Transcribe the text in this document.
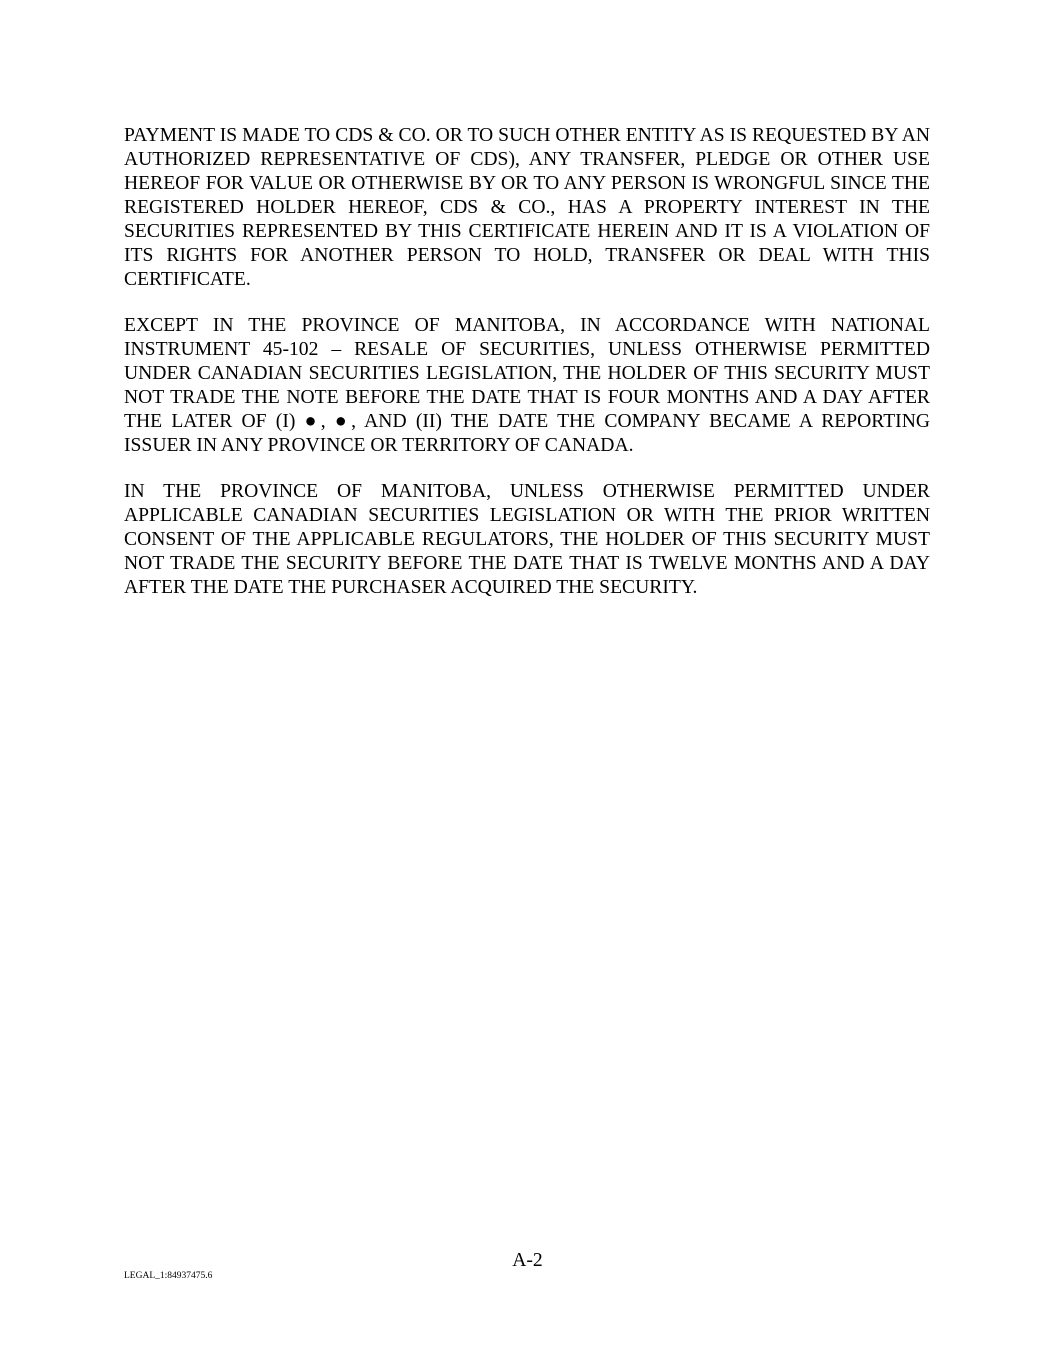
PAYMENT IS MADE TO CDS & CO. OR TO SUCH OTHER ENTITY AS IS REQUESTED BY AN AUTHORIZED REPRESENTATIVE OF CDS), ANY TRANSFER, PLEDGE OR OTHER USE HEREOF FOR VALUE OR OTHERWISE BY OR TO ANY PERSON IS WRONGFUL SINCE THE REGISTERED HOLDER HEREOF, CDS & CO., HAS A PROPERTY INTEREST IN THE SECURITIES REPRESENTED BY THIS CERTIFICATE HEREIN AND IT IS A VIOLATION OF ITS RIGHTS FOR ANOTHER PERSON TO HOLD, TRANSFER OR DEAL WITH THIS CERTIFICATE.

EXCEPT IN THE PROVINCE OF MANITOBA, IN ACCORDANCE WITH NATIONAL INSTRUMENT 45-102 – RESALE OF SECURITIES, UNLESS OTHERWISE PERMITTED UNDER CANADIAN SECURITIES LEGISLATION, THE HOLDER OF THIS SECURITY MUST NOT TRADE THE NOTE BEFORE THE DATE THAT IS FOUR MONTHS AND A DAY AFTER THE LATER OF (I) ●, ●, AND (II) THE DATE THE COMPANY BECAME A REPORTING ISSUER IN ANY PROVINCE OR TERRITORY OF CANADA.

IN THE PROVINCE OF MANITOBA, UNLESS OTHERWISE PERMITTED UNDER APPLICABLE CANADIAN SECURITIES LEGISLATION OR WITH THE PRIOR WRITTEN CONSENT OF THE APPLICABLE REGULATORS, THE HOLDER OF THIS SECURITY MUST NOT TRADE THE SECURITY BEFORE THE DATE THAT IS TWELVE MONTHS AND A DAY AFTER THE DATE THE PURCHASER ACQUIRED THE SECURITY.

A-2
LEGAL_1:84937475.6
